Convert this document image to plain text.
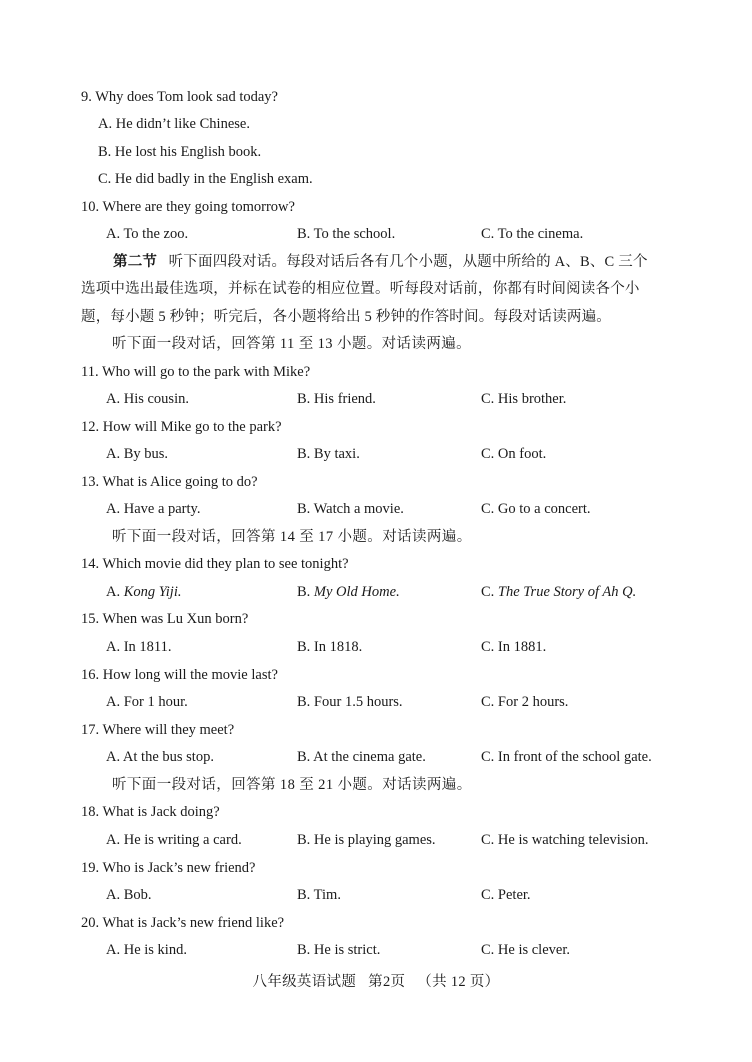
9. Why does Tom look sad today?
A. He didn’t like Chinese.
B. He lost his English book.
C. He did badly in the English exam.
10. Where are they going tomorrow?
A. To the zoo.	B. To the school.	C. To the cinema.
第二节 听下面四段对话。每段对话后各有几个小题，从题中所给的 A、B、C 三个
选项中选出最佳选项，并标在试卷的相应位置。听每段对话前，你都有时间阅读各个小
题，每小题 5 秒钟；听完后，各小题将给出 5 秒钟的作答时间。每段对话读两遍。
听下面一段对话，回答第 11 至 13 小题。对话读两遍。
11. Who will go to the park with Mike?
A. His cousin.	B. His friend.	C. His brother.
12. How will Mike go to the park?
A. By bus.	B. By taxi.	C. On foot.
13. What is Alice going to do?
A. Have a party.	B. Watch a movie.	C. Go to a concert.
听下面一段对话，回答第 14 至 17 小题。对话读两遍。
14. Which movie did they plan to see tonight?
A. Kong Yiji.	B. My Old Home.	C. The True Story of Ah Q.
15. When was Lu Xun born?
A. In 1811.	B. In 1818.	C. In 1881.
16. How long will the movie last?
A. For 1 hour.	B. Four 1.5 hours.	C. For 2 hours.
17. Where will they meet?
A. At the bus stop.	B. At the cinema gate.	C. In front of the school gate.
听下面一段对话，回答第 18 至 21 小题。对话读两遍。
18. What is Jack doing?
A. He is writing a card.	B. He is playing games.	C. He is watching television.
19. Who is Jack’s new friend?
A. Bob.	B. Tim.	C. Peter.
20. What is Jack’s new friend like?
A. He is kind.	B. He is strict.	C. He is clever.
八年级英语试题 第2页 （共 12 页）
